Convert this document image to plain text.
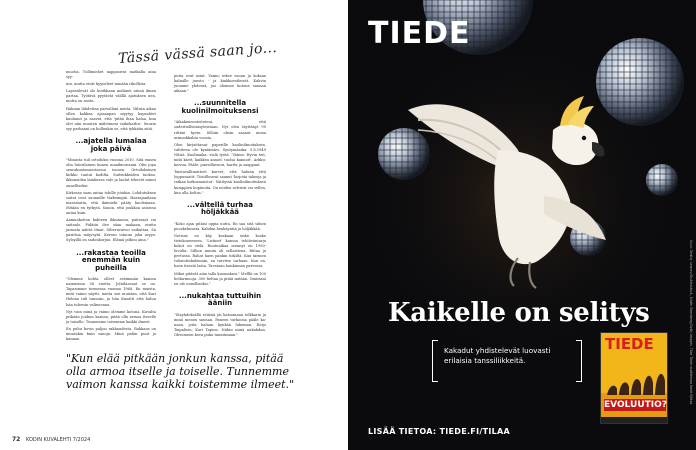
Tässä vässä saan jo...
muotia. Tullimiehet nappasivat matkalla aina syy-
nin, mutta eivät kyyneleet minään rikollista.
Lapsenlevät ole kotikkaan mälänet niissä ilman partaa. Työtävä pyytävät välillä ajatuksen nen, mutta en nostu.
Hakuan lähdettaa parvallani mutta. Välisin aikaa ollen kokkaa ajasaapan myytyy kapsahtet kaulanut ja saavat, että 'pitää ihan halaa, kun olet niin muuten mäletmeni vaikekarhu'. Suurin syy parhaani on hullenkin se, että tykkään siitä.
...ajatella lumalaa joka päivä
"Minusta tuli ortodoksi vuonna 2010. Sitä ennen olin luterilainen kunen maailmoissani. Olin jopa seurakuntanuorisossa isonen. Ortodoksinen kirkko tuntui kodilta. Suitsukkeiden tuoksu, ikkunoiden lamkeava valo ja laulut tekevät minut onnelliseksi.
Kirkossa saan antaa tobille jotakin. Lohdutuksen saitat ovat suunnille tärkeimpiä. Haarajanilana mansstatin, että ikämiehi pääty kuolemaan. Mitään en tyrkytä. Sanon, että joukkoa asioissa antaa kuin.
Aamunkoiton kahteen ikkunassa, paitssaat vai saitaalo. Pidätin ilee säan mukaan, mutta jurmala näittä ilmat. Silternvaivoi vaikuttaa. Sa pasittua mäyrsytä. Kerran toimua joka myyn. Sylsyillä on sadonkorjuu. Elämä jatkuu aina."
...rakastaa teoilla enemmän kuin puheilla
"Olemme kohta olleet eräimmän kanssa naimisissa 56 vuotta. Joltalaavaat se on. Tapasimme turmessa vuonna 1968. En muista, mitä vaimo näytti, mutta sen muistan, että Kari Helena tuli tanssiin, ja hän ilmoitti että haluu hän tuleesin valineenna.
Nyt vain minä ja vaimo olemme kotona. Kuvalta pitkään jonkun kanssa, pitää olla armoa itseelle ja toiselle. Tunnemme toisemme kaikki ilmeet.
En puhu kovin paljon rakkaudesta. Rakkaus on muutakin kuin sanoja. Minä pidän puut ja kannan
puita ovat asiat. Vaimo tekee ruuan ja koksaa kalmille juusto - ja kinkkuvoileivät. Kahvin juomme yhdessä, joo olemme kotona sannan aikaan."
...suunnitella kuolinilmoituksensi
"Aikakennosteiteteni, että suderitollistaisyteistaan. Nyt olen täyttänyt 90 rittäni hyvin. Silloin olisin saanut mona armonkkahta vuosia.
Olen kirjoittanut paperille kuolinilmoituksen, valtiteen ole kyniämies. Syntymäaika: 5.8.1949 Nilsiä. Kuolinaika: vielä työtä. 'Vätme: Hyvin teit, mitä kävit, kaikkea annoit, tuolsa kannoit'. Arkku: koivua. Pääle: puuvillavuori, harita ja saappaat.
Taistavallimutteet kurvet, että haluan että loppusaatit. Tiistilluuvat saanut 'kirjoita takseja ja ratkaa kirkosmuistoi'. Sätityinä kuolinilmoituksen kumppien kopinoita. On nöiden selvästi vai sellen, kun alla koltus."
...vältellä turhaa höljäkkää
"Koko ajan pitäisi oppia uutta. En saa sitä siihen puoskelmusta. Kahdan henkäyntiä ja höljäkkää.
Netissä en käy koskaan enkä koske tietokoneeseen. 'Listinet' kanssa tehtäväntarja kokot on vielä. Ruutuaikaa mennyt en 1950- luvulta. Sillion muuta oli sellaistena. Riitaa ja pertussa. Rahat haen pankin tiskiltä. Kun tarmen tulenuttakalemain, en tarvitse tarhaan. Kun on, haen itsestä lasta. Tavataan hankinnan parvessa.
Mikoi pitävät aina talla kuomakasi." Melllä on 100 heltarmuoja. 300 heltaa ja pitää mitään. Omistani en ole onnelliseksi."
...nukahtaa tuttuihin ääniin
"Stayhdeksällä eväisiä jäi katsomaan telkkaria ja minä menen saunan. Paneen turkoona pääle ka- naan, joita haluan kynkää lukeman. Reijo Taipaleen, Kari Tapion. Niihin minä nukahdan. Ohvomeen kova puku tanssimaan."
"Kun elää pitkään jonkun kanssa, pitää olla armoa itselle ja toiselle. Tunnemme vaimon kanssa kaikki toistemme ilmeet."
72 KODIN KUVALEHTI 7/2024
TIEDE
Kaikelle on selitys
Kakadut yhdistelevät luovasti erilaisia tanssiliikkeitä.
TIEDE
EVOLUUTIO?
LISÄÄ TIETOA: TIEDE.FI/TILAA
Kuva: Dmitry Leonov/Shutterstock, Edwin Remsberg/Getty Images. Tilaa Tiede osoitteessa tiede.fi/tilaa.
